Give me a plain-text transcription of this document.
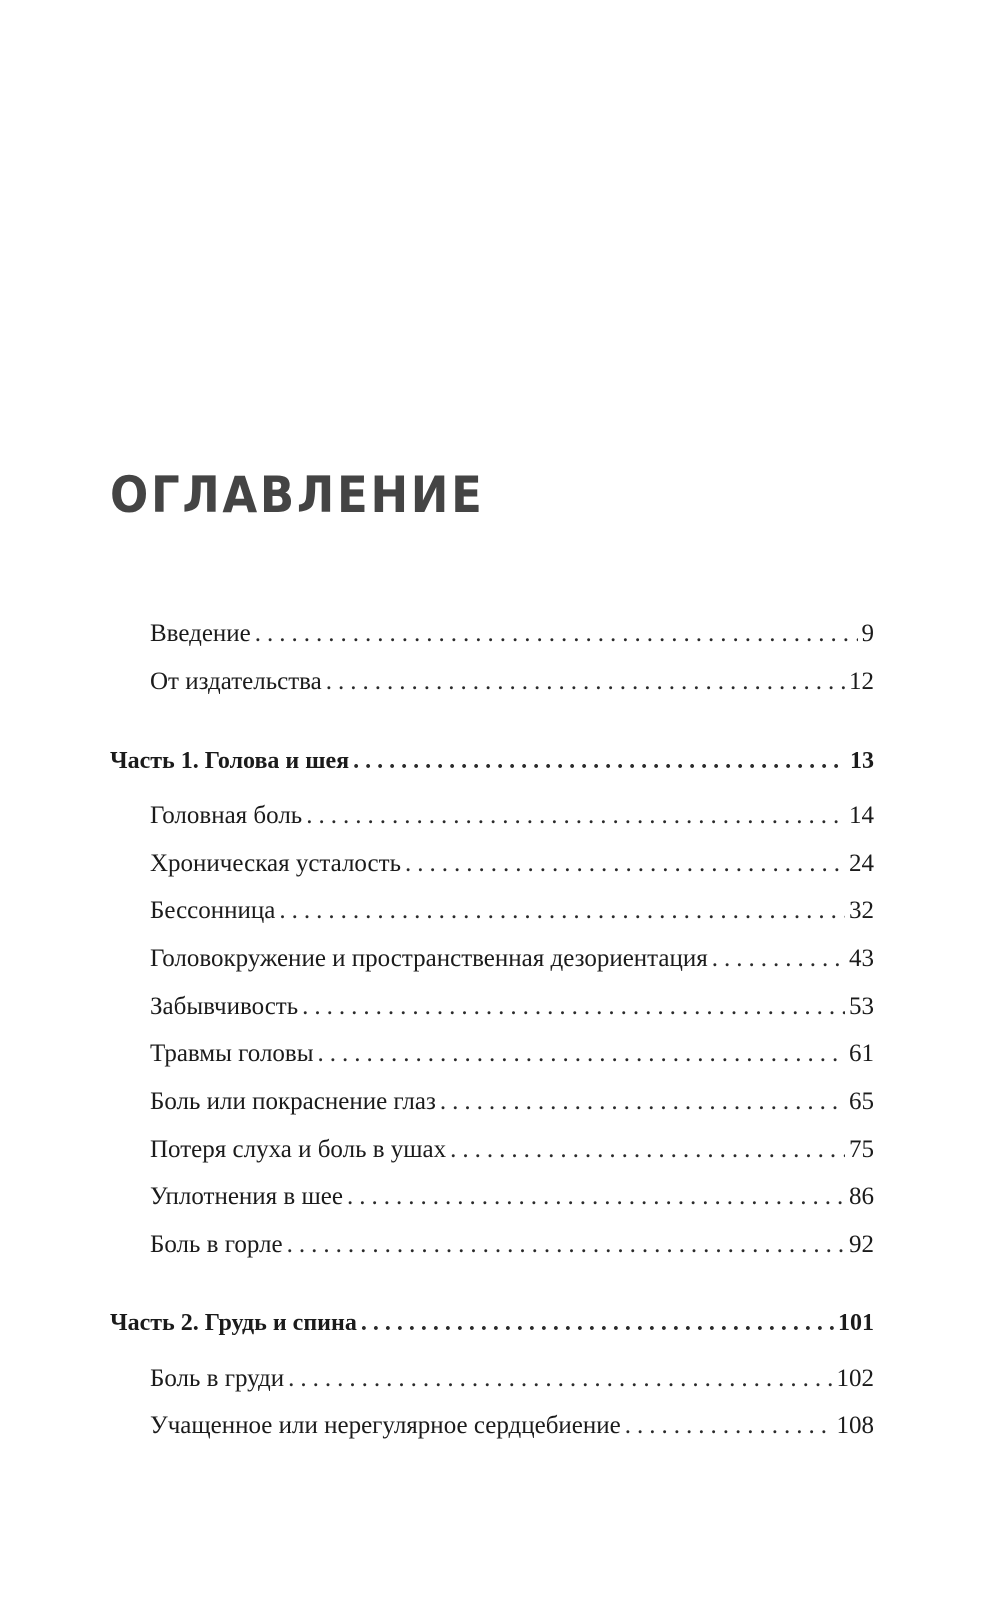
ОГЛАВЛЕНИЕ
Введение .....	9
От издательства .....	12
Часть 1. Голова и шея .....	13
Головная боль .....	14
Хроническая усталость .....	24
Бессонница .....	32
Головокружение и пространственная дезориентация .....	43
Забывчивость .....	53
Травмы головы .....	61
Боль или покраснение глаз .....	65
Потеря слуха и боль в ушах .....	75
Уплотнения в шее .....	86
Боль в горле .....	92
Часть 2. Грудь и спина .....	101
Боль в груди .....	102
Учащенное или нерегулярное сердцебиение .....	108
